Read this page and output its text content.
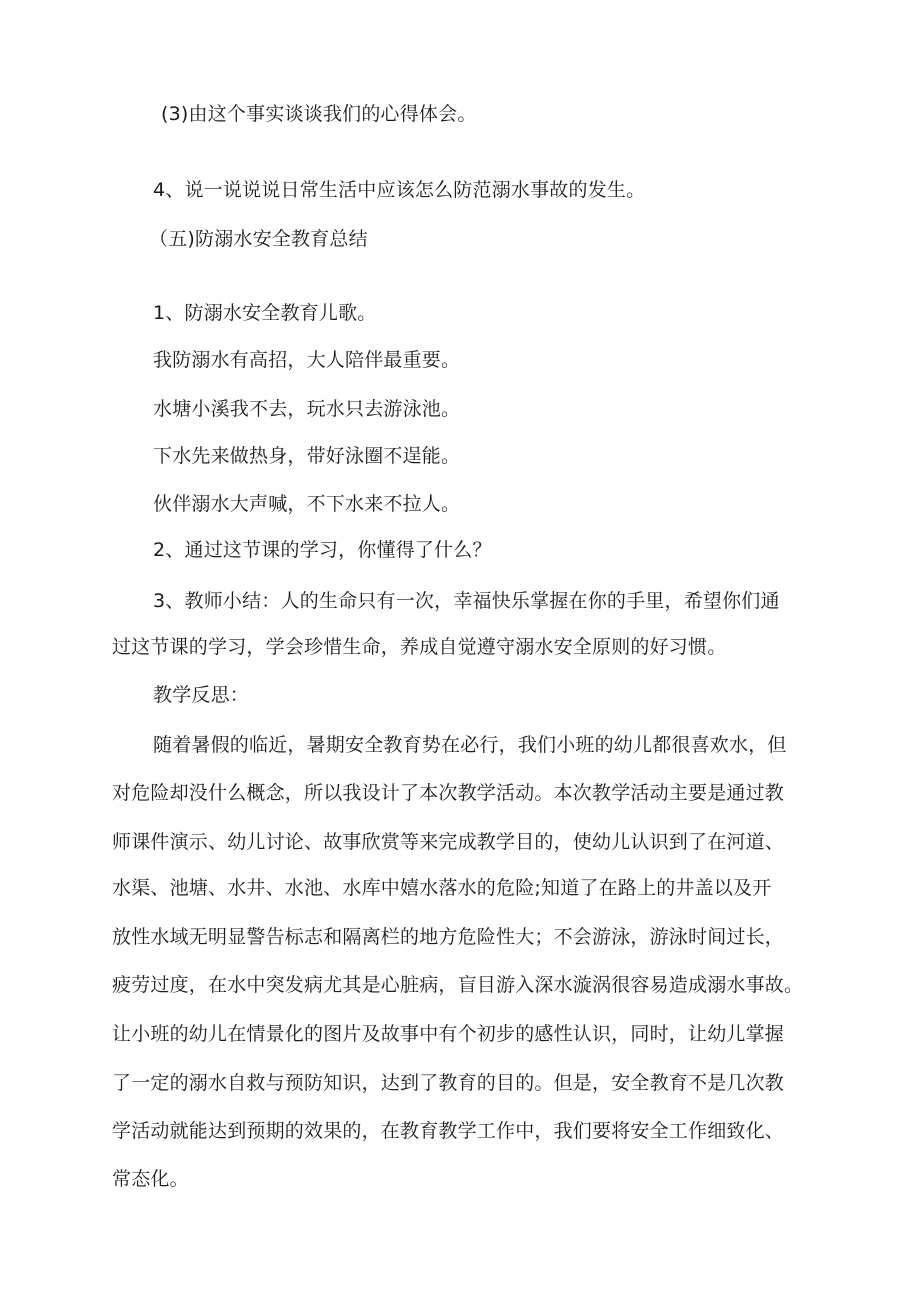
(3)由这个事实谈谈我们的心得体会。

4、说一说说说日常生活中应该怎么防范溺水事故的发生。

（五)防溺水安全教育总结

1、防溺水安全教育儿歌。

我防溺水有高招，大人陪伴最重要。

水塘小溪我不去，玩水只去游泳池。

下水先来做热身，带好泳圈不逞能。

伙伴溺水大声喊，不下水来不拉人。

2、通过这节课的学习，你懂得了什么？

3、教师小结：人的生命只有一次，幸福快乐掌握在你的手里，希望你们通

过这节课的学习，学会珍惜生命，养成自觉遵守溺水安全原则的好习惯。

教学反思：

随着暑假的临近，暑期安全教育势在必行，我们小班的幼儿都很喜欢水，但

对危险却没什么概念，所以我设计了本次教学活动。本次教学活动主要是通过教

师课件演示、幼儿讨论、故事欣赏等来完成教学目的，使幼儿认识到了在河道、

水渠、池塘、水井、水池、水库中嬉水落水的危险;知道了在路上的井盖以及开

放性水域无明显警告标志和隔离栏的地方危险性大；不会游泳，游泳时间过长，

疲劳过度，在水中突发病尤其是心脏病，盲目游入深水漩涡很容易造成溺水事故。

让小班的幼儿在情景化的图片及故事中有个初步的感性认识，同时，让幼儿掌握

了一定的溺水自救与预防知识，达到了教育的目的。但是，安全教育不是几次教

学活动就能达到预期的效果的，在教育教学工作中，我们要将安全工作细致化、

常态化。
